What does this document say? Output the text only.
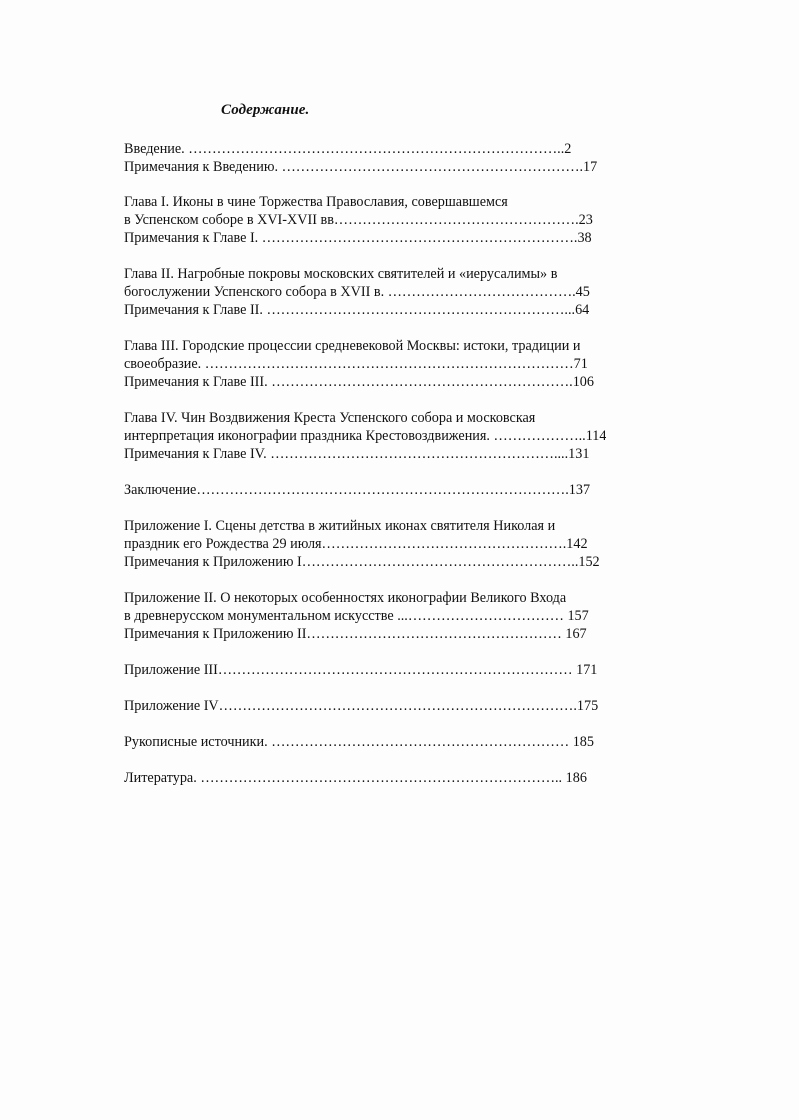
Содержание.
Введение. ……………………………………………………………………..2
Примечания к Введению. ……………………………………………………….17
Глава I. Иконы в чине Торжества Православия, совершавшемся
в Успенском соборе в XVI-XVII вв…………………………………………….23
Примечания к Главе I. ………………………………………………………….38
Глава II. Нагробные покровы московских святителей и «иерусалимы» в
богослужении Успенского собора в XVII в. ………………………………….45
Примечания к Главе II. ………………………………………………………...64
Глава III. Городские процессии средневековой Москвы: истоки, традиции и
своеобразие. ……………………………………………………………………71
Примечания к Главе III. ……………………………………………………….106
Глава IV. Чин Воздвижения Креста Успенского собора и московская
интерпретация иконографии праздника Крестовоздвижения. ………………..114
Примечания к Главе IV. ……………………………………………………....131
Заключение…………………………………………………………………….137
Приложение I. Сцены детства в житийных иконах святителя Николая и
праздник его Рождества 29 июля…………………………………………….142
Примечания к Приложению I…………………………………………………..152
Приложение II. О некоторых особенностях иконографии Великого Входа
в древнерусском монументальном искусстве ...…………………………… 157
Примечания к Приложению II……………………………………………… 167
Приложение III………………………………………………………………… 171
Приложение IV………………………………………………………………….175
Рукописные источники. ……………………………………………………… 185
Литература. ………………………………………………………………….. 186
